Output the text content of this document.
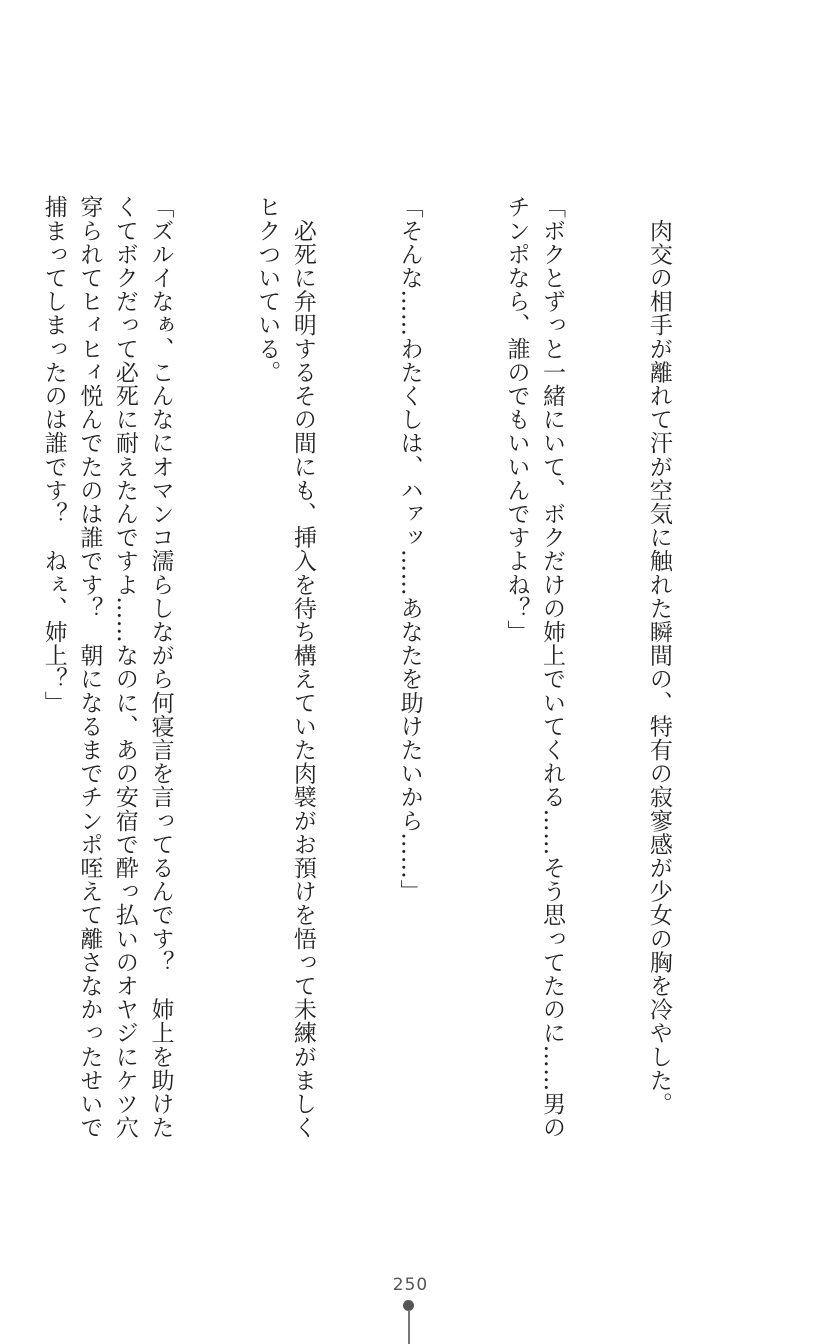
　肉交の相手が離れて汗が空気に触れた瞬間の、特有の寂寥感が少女の胸を冷やした。

「ボクとずっと一緒にいて、ボクだけの姉上でいてくれる……そう思ってたのに……男の
チンポなら、誰のでもいいんですよね？」

「そんな……わたくしは、ハァッ……あなたを助けたいから……」

　必死に弁明するその間にも、挿入を待ち構えていた肉襞がお預けを悟って未練がましく
ヒクついている。

「ズルイなぁ、こんなにオマンコ濡らしながら何寝言を言ってるんです？　姉上を助けた
くてボクだって必死に耐えたんですよ……なのに、あの安宿で酔っ払いのオヤジにケツ穴
穿られてヒィヒィ悦んでたのは誰です？　朝になるまでチンポ咥えて離さなかったせいで
捕まってしまったのは誰です？　ねぇ、姉上？」

250
